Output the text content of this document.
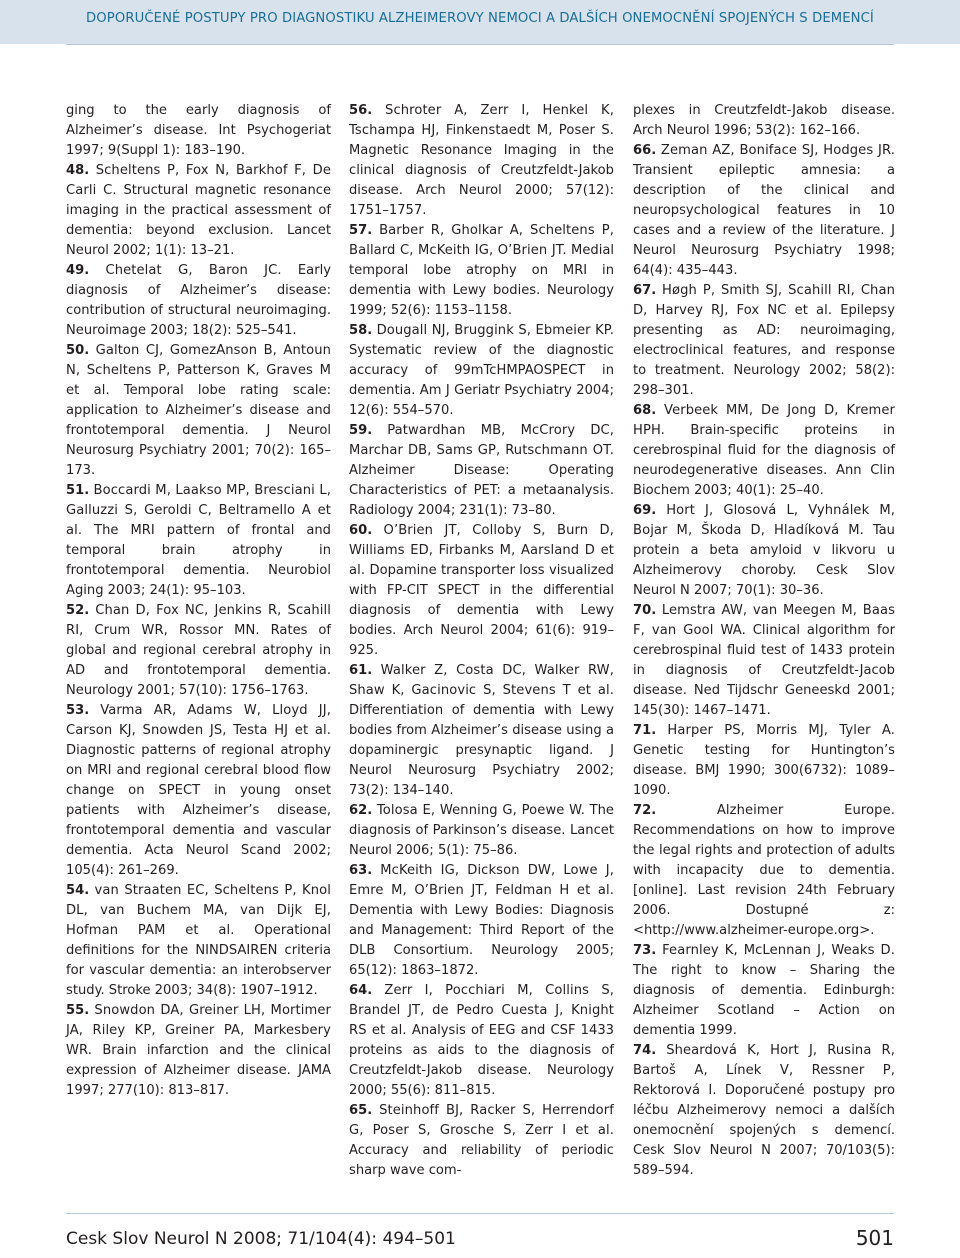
DOPORUČENÉ POSTUPY PRO DIAGNOSTIKU ALZHEIMEROVY NEMOCI A DALŠÍCH ONEMOCNĚNÍ SPOJENÝCH S DEMENCÍ

ging to the early diagnosis of Alzheimer’s disease. Int Psychogeriat 1997; 9(Suppl 1): 183–190.

48. Scheltens P, Fox N, Barkhof F, De Carli C. Structural magnetic resonance imaging in the practical assessment of dementia: beyond exclusion. Lancet Neurol 2002; 1(1): 13–21.

49. Chetelat G, Baron JC. Early diagnosis of Alzheimer’s disease: contribution of structural neuroimaging. Neuroimage 2003; 18(2): 525–541.

50. Galton CJ, GomezAnson B, Antoun N, Scheltens P, Patterson K, Graves M et al. Temporal lobe rating scale: application to Alzheimer’s disease and frontotemporal dementia. J Neurol Neurosurg Psychiatry 2001; 70(2): 165–173.

51. Boccardi M, Laakso MP, Bresciani L, Galluzzi S, Geroldi C, Beltramello A et al. The MRI pattern of frontal and temporal brain atrophy in frontotemporal dementia. Neurobiol Aging 2003; 24(1): 95–103.

52. Chan D, Fox NC, Jenkins R, Scahill RI, Crum WR, Rossor MN. Rates of global and regional cerebral atrophy in AD and frontotemporal dementia. Neurology 2001; 57(10): 1756–1763.

53. Varma AR, Adams W, Lloyd JJ, Carson KJ, Snowden JS, Testa HJ et al. Diagnostic patterns of regional atrophy on MRI and regional cerebral blood flow change on SPECT in young onset patients with Alzheimer’s disease, frontotemporal dementia and vascular dementia. Acta Neurol Scand 2002; 105(4): 261–269.

54. van Straaten EC, Scheltens P, Knol DL, van Buchem MA, van Dijk EJ, Hofman PAM et al. Operational definitions for the NINDSAIREN criteria for vascular dementia: an interobserver study. Stroke 2003; 34(8): 1907–1912.

55. Snowdon DA, Greiner LH, Mortimer JA, Riley KP, Greiner PA, Markesbery WR. Brain infarction and the clinical expression of Alzheimer disease. JAMA 1997; 277(10): 813–817.

56. Schroter A, Zerr I, Henkel K, Tschampa HJ, Finkenstaedt M, Poser S. Magnetic Resonance Imaging in the clinical diagnosis of Creutzfeldt-Jakob disease. Arch Neurol 2000; 57(12): 1751–1757.

57. Barber R, Gholkar A, Scheltens P, Ballard C, McKeith IG, O’Brien JT. Medial temporal lobe atrophy on MRI in dementia with Lewy bodies. Neurology 1999; 52(6): 1153–1158.

58. Dougall NJ, Bruggink S, Ebmeier KP. Systematic review of the diagnostic accuracy of 99mTcHMPAOSPECT in dementia. Am J Geriatr Psychiatry 2004; 12(6): 554–570.

59. Patwardhan MB, McCrory DC, Marchar DB, Sams GP, Rutschmann OT. Alzheimer Disease: Operating Characteristics of PET: a metaanalysis. Radiology 2004; 231(1): 73–80.

60. O’Brien JT, Colloby S, Burn D, Williams ED, Firbanks M, Aarsland D et al. Dopamine transporter loss visualized with FP-CIT SPECT in the differential diagnosis of dementia with Lewy bodies. Arch Neurol 2004; 61(6): 919–925.

61. Walker Z, Costa DC, Walker RW, Shaw K, Gacinovic S, Stevens T et al. Differentiation of dementia with Lewy bodies from Alzheimer’s disease using a dopaminergic presynaptic ligand. J Neurol Neurosurg Psychiatry 2002; 73(2): 134–140.

62. Tolosa E, Wenning G, Poewe W. The diagnosis of Parkinson’s disease. Lancet Neurol 2006; 5(1): 75–86.

63. McKeith IG, Dickson DW, Lowe J, Emre M, O’Brien JT, Feldman H et al. Dementia with Lewy Bodies: Diagnosis and Management: Third Report of the DLB Consortium. Neurology 2005; 65(12): 1863–1872.

64. Zerr I, Pocchiari M, Collins S, Brandel JT, de Pedro Cuesta J, Knight RS et al. Analysis of EEG and CSF 1433 proteins as aids to the diagnosis of Creutzfeldt-Jakob disease. Neurology 2000; 55(6): 811–815.

65. Steinhoff BJ, Racker S, Herrendorf G, Poser S, Grosche S, Zerr I et al. Accuracy and reliability of periodic sharp wave com-

plexes in Creutzfeldt-Jakob disease. Arch Neurol 1996; 53(2): 162–166.

66. Zeman AZ, Boniface SJ, Hodges JR. Transient epileptic amnesia: a description of the clinical and neuropsychological features in 10 cases and a review of the literature. J Neurol Neurosurg Psychiatry 1998; 64(4): 435–443.

67. Høgh P, Smith SJ, Scahill RI, Chan D, Harvey RJ, Fox NC et al. Epilepsy presenting as AD: neuroimaging, electroclinical features, and response to treatment. Neurology 2002; 58(2): 298–301.

68. Verbeek MM, De Jong D, Kremer HPH. Brain-specific proteins in cerebrospinal fluid for the diagnosis of neurodegenerative diseases. Ann Clin Biochem 2003; 40(1): 25–40.

69. Hort J, Glosová L, Vyhnálek M, Bojar M, Škoda D, Hladíková M. Tau protein a beta amyloid v likvoru u Alzheimerovy choroby. Cesk Slov Neurol N 2007; 70(1): 30–36.

70. Lemstra AW, van Meegen M, Baas F, van Gool WA. Clinical algorithm for cerebrospinal fluid test of 1433 protein in diagnosis of Creutzfeldt-Jacob disease. Ned Tijdschr Geneeskd 2001; 145(30): 1467–1471.

71. Harper PS, Morris MJ, Tyler A. Genetic testing for Huntington’s disease. BMJ 1990; 300(6732): 1089–1090.

72.	Alzheimer Europe. Recommendations on how to improve the legal rights and protection of adults with incapacity due to dementia. [online]. Last revision 24th February 2006. Dostupné z: <http://www.alzheimer-europe.org>.

73. Fearnley K, McLennan J, Weaks D. The right to know – Sharing the diagnosis of dementia. Edinburgh: Alzheimer Scotland – Action on dementia 1999.

74. Sheardová K, Hort J, Rusina R, Bartoš A, Línek V, Ressner P, Rektorová I. Doporučené postupy pro léčbu Alzheimerovy nemoci a dalších onemocnění spojených s demencí. Cesk Slov Neurol N 2007; 70/103(5): 589–594.

Cesk Slov Neurol N 2008; 71/104(4): 494–501	501
